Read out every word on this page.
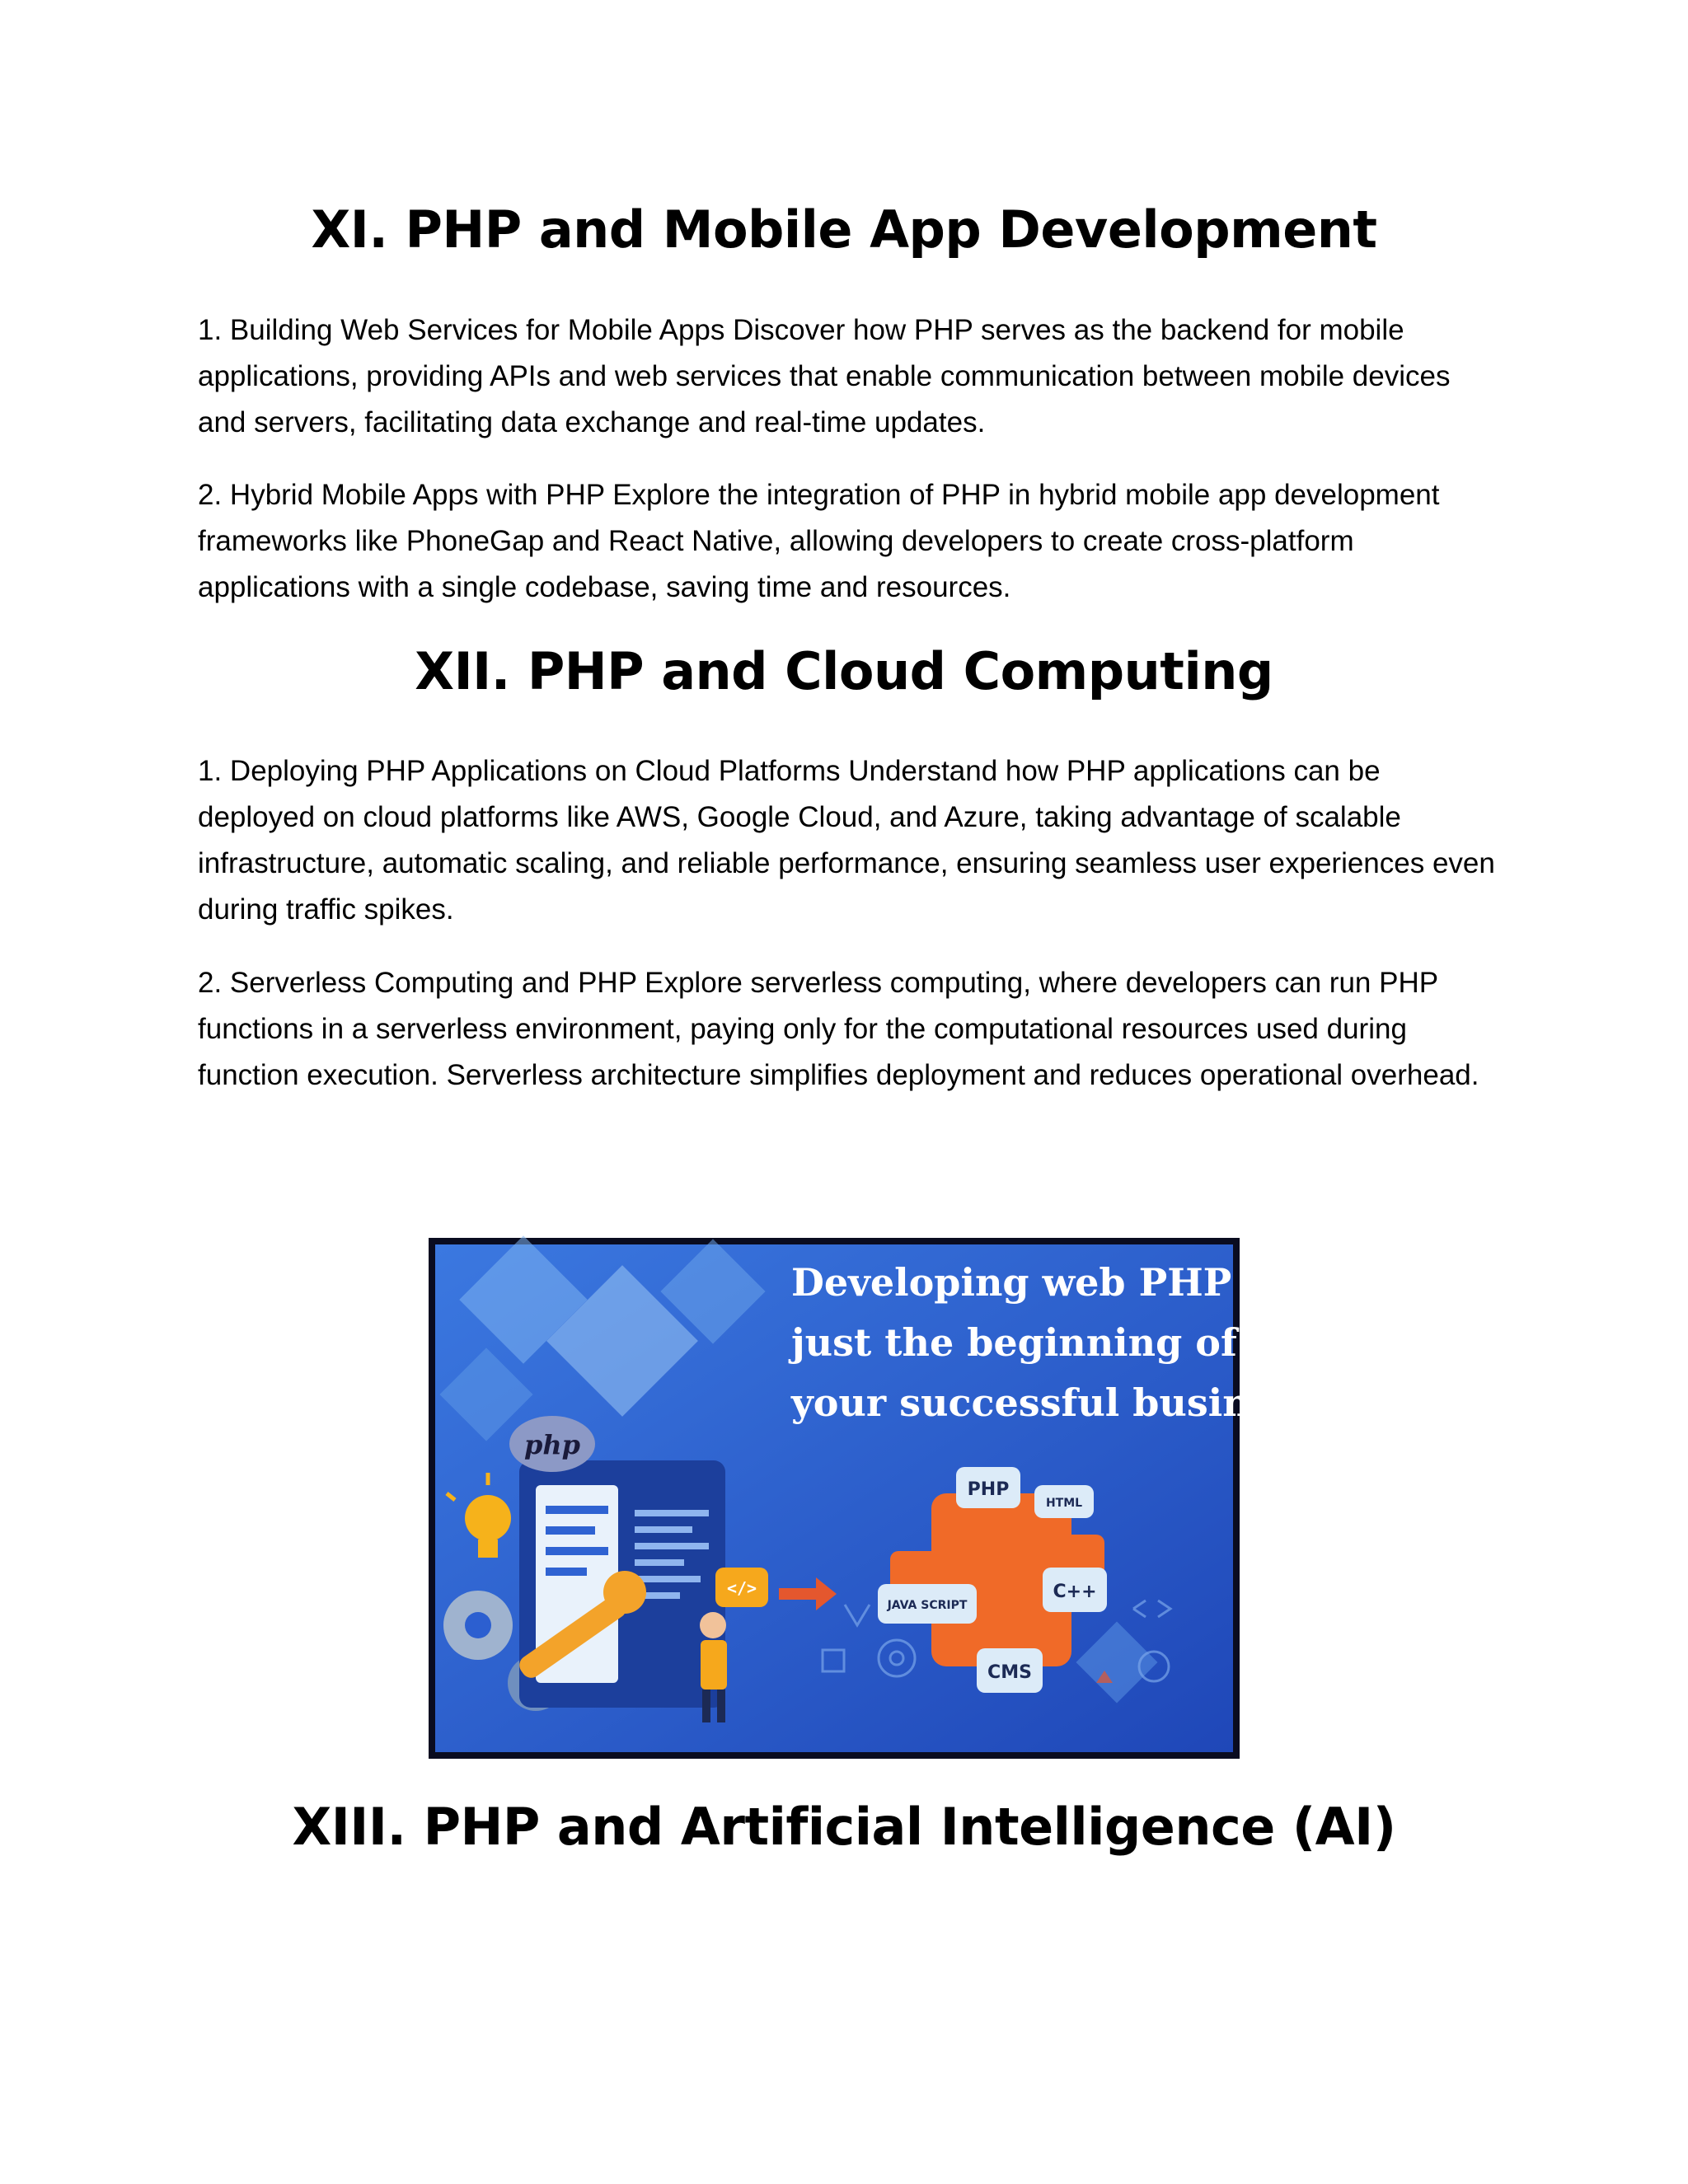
XI. PHP and Mobile App Development

1. Building Web Services for Mobile Apps Discover how PHP serves as the backend for mobile applications, providing APIs and web services that enable communication between mobile devices and servers, facilitating data exchange and real-time updates.

2. Hybrid Mobile Apps with PHP Explore the integration of PHP in hybrid mobile app development frameworks like PhoneGap and React Native, allowing developers to create cross-platform applications with a single codebase, saving time and resources.

XII. PHP and Cloud Computing

1. Deploying PHP Applications on Cloud Platforms Understand how PHP applications can be deployed on cloud platforms like AWS, Google Cloud, and Azure, taking advantage of scalable infrastructure, automatic scaling, and reliable performance, ensuring seamless user experiences even during traffic spikes.

2. Serverless Computing and PHP Explore serverless computing, where developers can run PHP functions in a serverless environment, paying only for the computational resources used during function execution. Serverless architecture simplifies deployment and reduces operational overhead.

Developing web PHP is
just the beginning of
your successful business!
php
</>
PHP
HTML
C++
JAVA SCRIPT
CMS
XIII. PHP and Artificial Intelligence (AI)
